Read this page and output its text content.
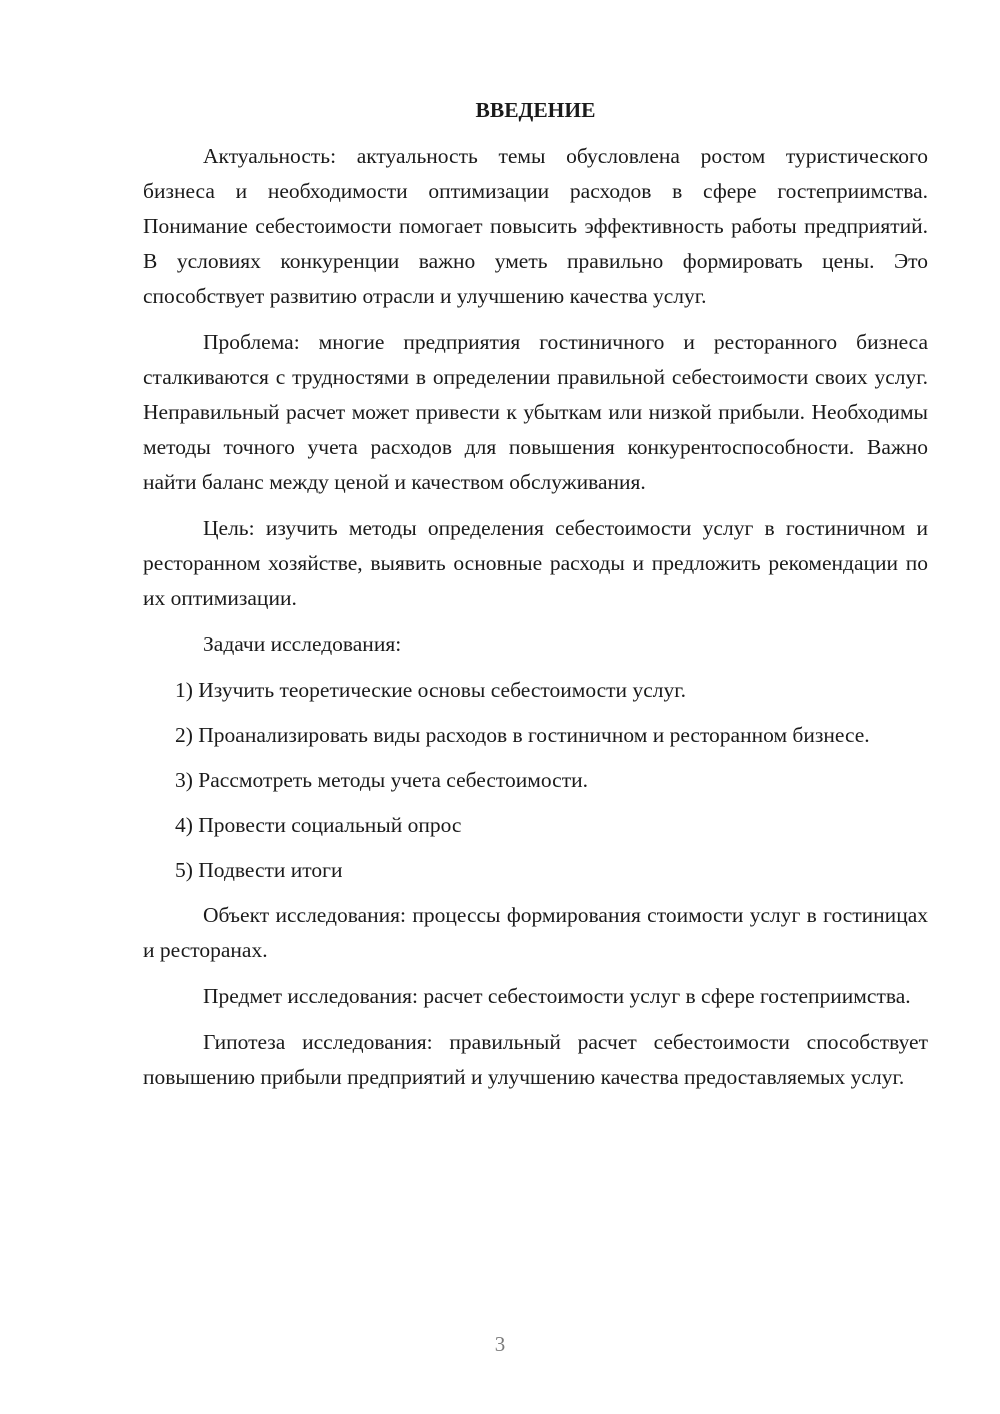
ВВЕДЕНИЕ

Актуальность: актуальность темы обусловлена ростом туристического бизнеса и необходимости оптимизации расходов в сфере гостеприимства. Понимание себестоимости помогает повысить эффективность работы предприятий. В условиях конкуренции важно уметь правильно формировать цены. Это способствует развитию отрасли и улучшению качества услуг.

Проблема: многие предприятия гостиничного и ресторанного бизнеса сталкиваются с трудностями в определении правильной себестоимости своих услуг. Неправильный расчет может привести к убыткам или низкой прибыли. Необходимы методы точного учета расходов для повышения конкурентоспособности. Важно найти баланс между ценой и качеством обслуживания.

Цель: изучить методы определения себестоимости услуг в гостиничном и ресторанном хозяйстве, выявить основные расходы и предложить рекомендации по их оптимизации.

Задачи исследования:

1) Изучить теоретические основы себестоимости услуг.

2) Проанализировать виды расходов в гостиничном и ресторанном бизнесе.

3) Рассмотреть методы учета себестоимости.

4) Провести социальный опрос

5) Подвести итоги

Объект исследования: процессы формирования стоимости услуг в гостиницах и ресторанах.

Предмет исследования: расчет себестоимости услуг в сфере гостеприимства.

Гипотеза исследования: правильный расчет себестоимости способствует повышению прибыли предприятий и улучшению качества предоставляемых услуг.

3
